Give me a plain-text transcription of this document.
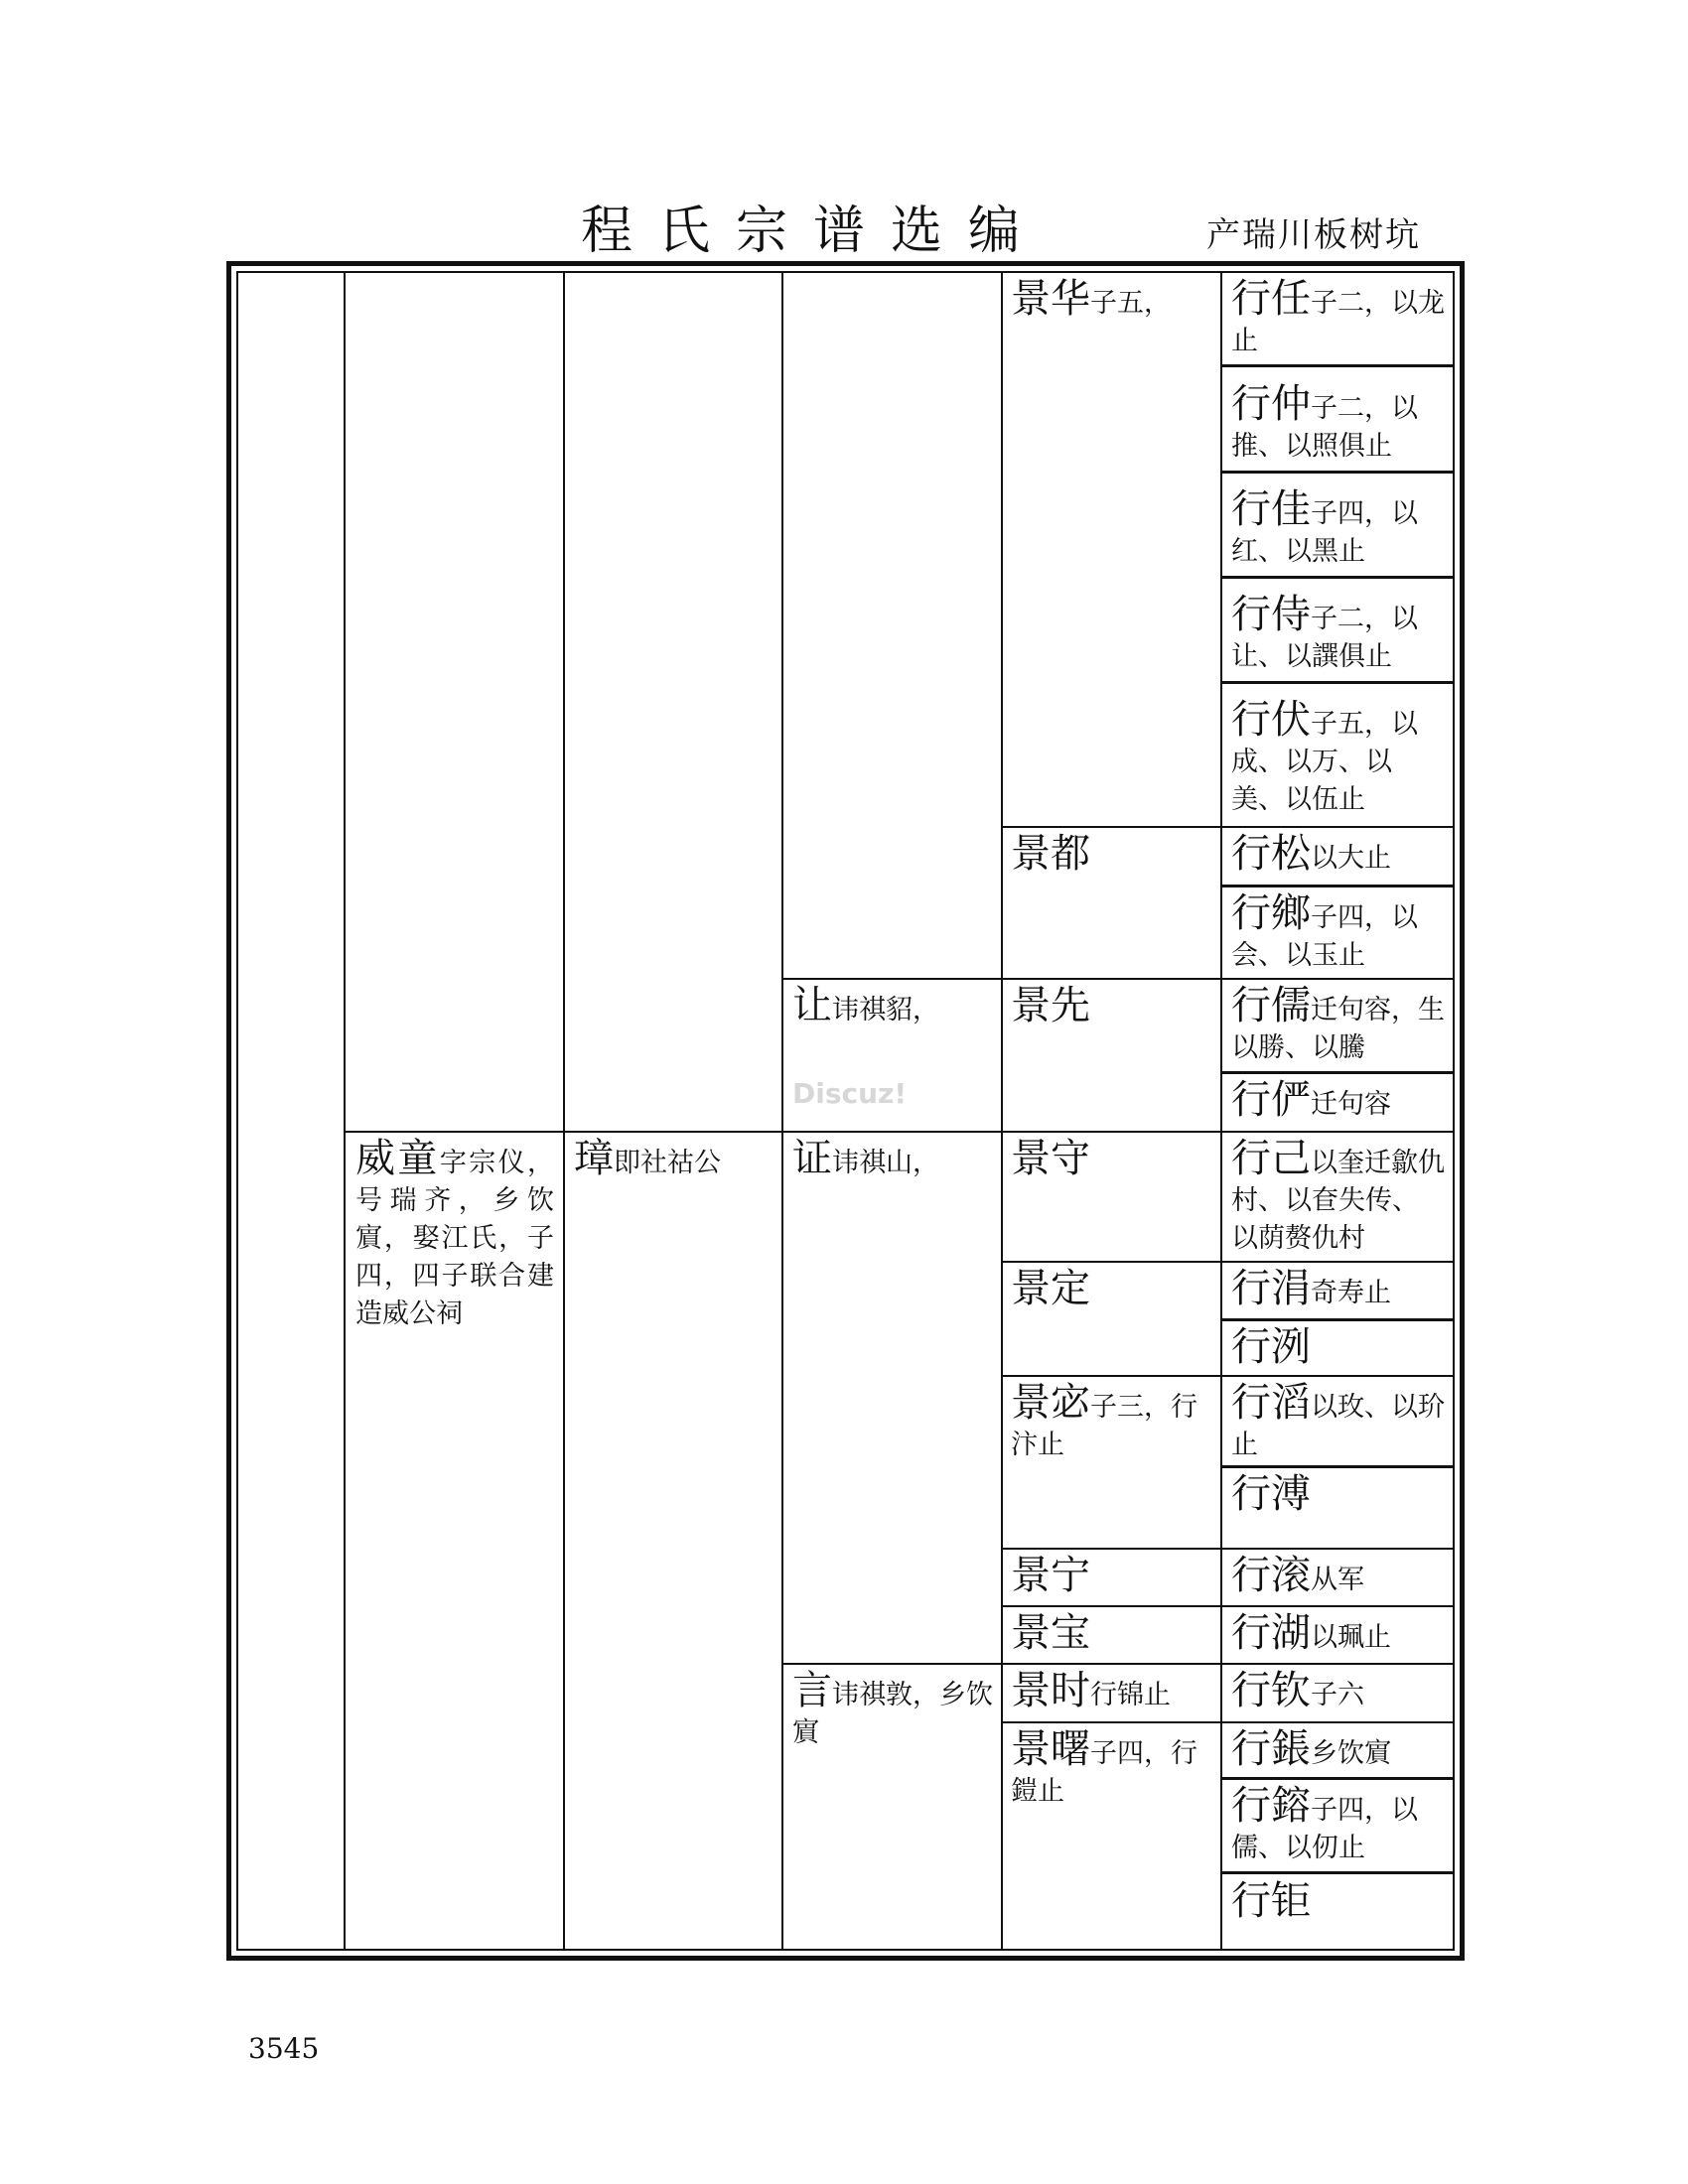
程氏宗谱选编	产瑞川板树坑
威童字宗仪，号瑞齐，乡饮賔，娶江氏，子四，四子联合建造威公祠
璋即社祜公
让讳祺貂，
证讳祺山，
言讳祺敦，乡饮賔
景华子五，
景都
景先
景守
景定
景宓子三，行汴止
景宁
景宝
景时行锦止
景曙子四，行鎧止
行任子二，以龙止
行仲子二，以推、以照俱止
行佳子四，以红、以黑止
行侍子二，以让、以譔俱止
行伏子五，以成、以万、以美、以伍止
行松以大止
行鄉子四，以会、以玉止
行儒迁句容，生以勝、以騰
行俨迁句容
行己以奎迁歙仇村、以奆失传、以荫赘仇村
行涓奇寿止
行洌
行滔以玫、以玠止
行溥
行滚从军
行湖以珮止
行钦子六
行鋹乡饮賔
行鎔子四，以儒、以仞止
行钜
Discuz!
3545
